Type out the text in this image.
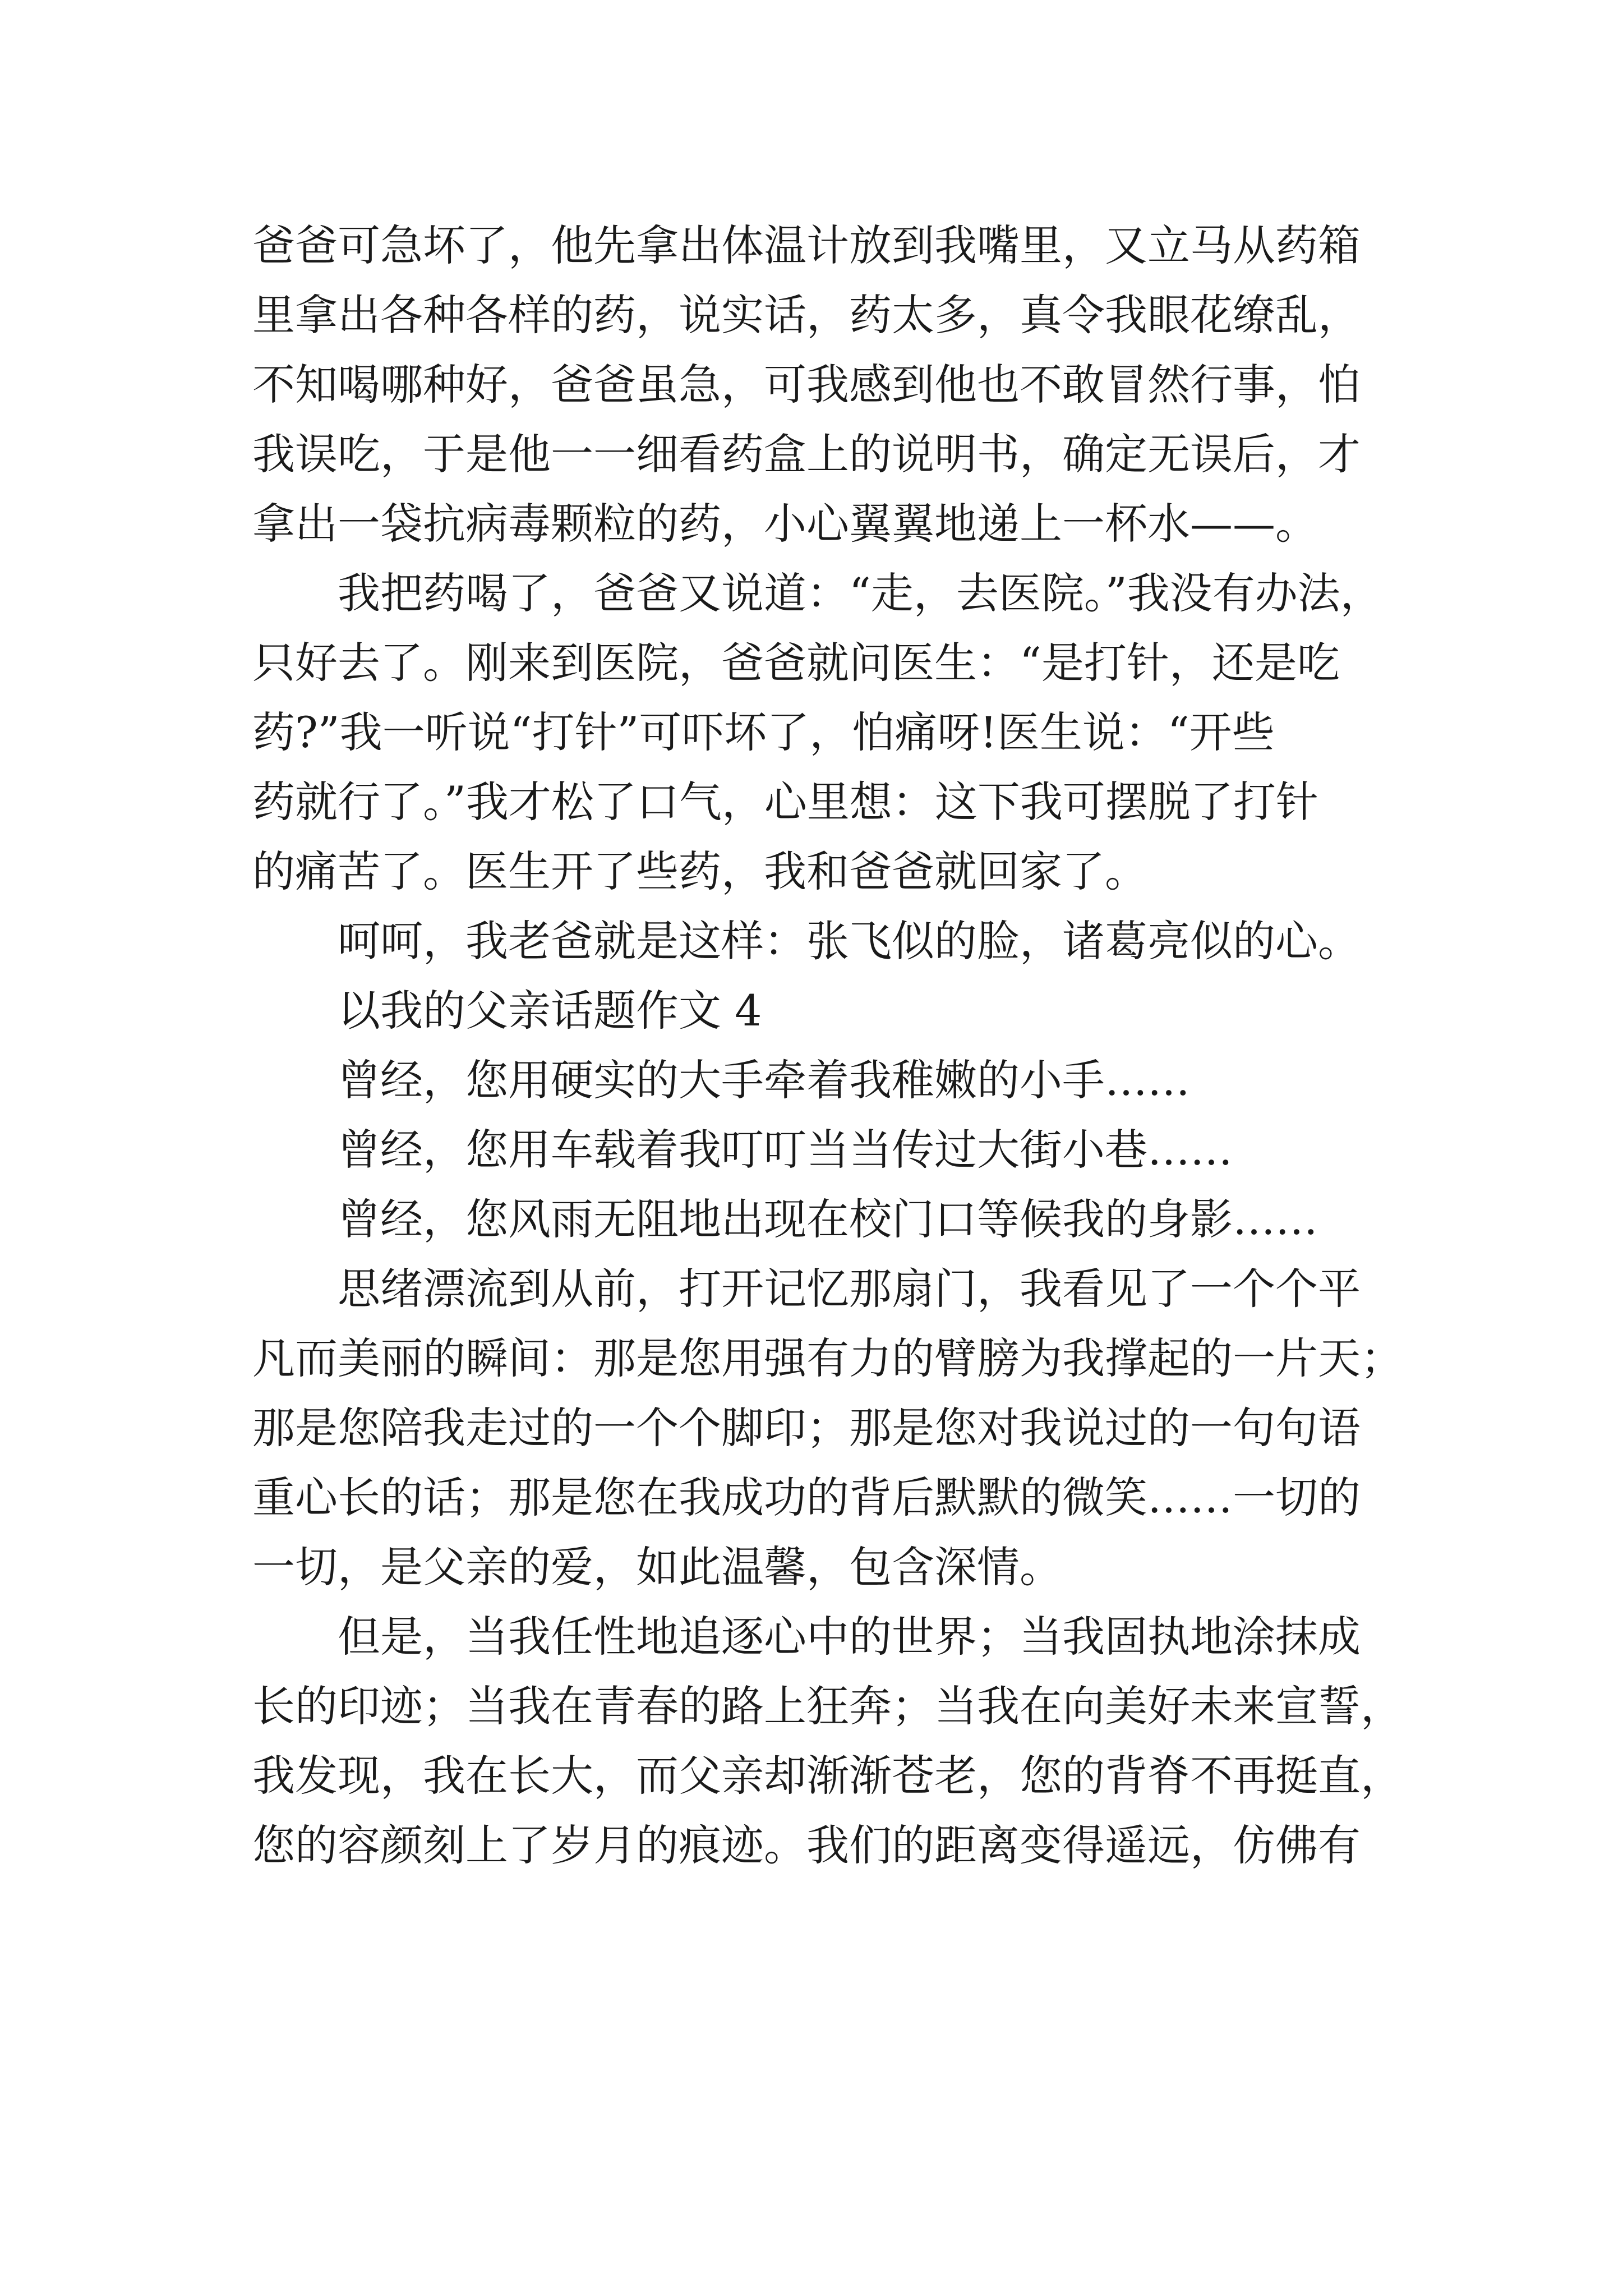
爸爸可急坏了，他先拿出体温计放到我嘴里，又立马从药箱
里拿出各种各样的药，说实话，药太多，真令我眼花缭乱，
不知喝哪种好，爸爸虽急，可我感到他也不敢冒然行事，怕
我误吃，于是他一一细看药盒上的说明书，确定无误后，才
拿出一袋抗病毒颗粒的药，小心翼翼地递上一杯水——。
我把药喝了，爸爸又说道：“走，去医院。”我没有办法，
只好去了。刚来到医院，爸爸就问医生：“是打针，还是吃
药?”我一听说“打针”可吓坏了，怕痛呀!医生说：“开些
药就行了。”我才松了口气，心里想：这下我可摆脱了打针
的痛苦了。医生开了些药，我和爸爸就回家了。
呵呵，我老爸就是这样：张飞似的脸，诸葛亮似的心。
以我的父亲话题作文 4
曾经，您用硬实的大手牵着我稚嫩的小手……
曾经，您用车载着我叮叮当当传过大街小巷……
曾经，您风雨无阻地出现在校门口等候我的身影……
思绪漂流到从前，打开记忆那扇门，我看见了一个个平
凡而美丽的瞬间：那是您用强有力的臂膀为我撑起的一片天；
那是您陪我走过的一个个脚印；那是您对我说过的一句句语
重心长的话；那是您在我成功的背后默默的微笑……一切的
一切，是父亲的爱，如此温馨，包含深情。
但是，当我任性地追逐心中的世界；当我固执地涂抹成
长的印迹；当我在青春的路上狂奔；当我在向美好未来宣誓，
我发现，我在长大，而父亲却渐渐苍老，您的背脊不再挺直，
您的容颜刻上了岁月的痕迹。我们的距离变得遥远，仿佛有
